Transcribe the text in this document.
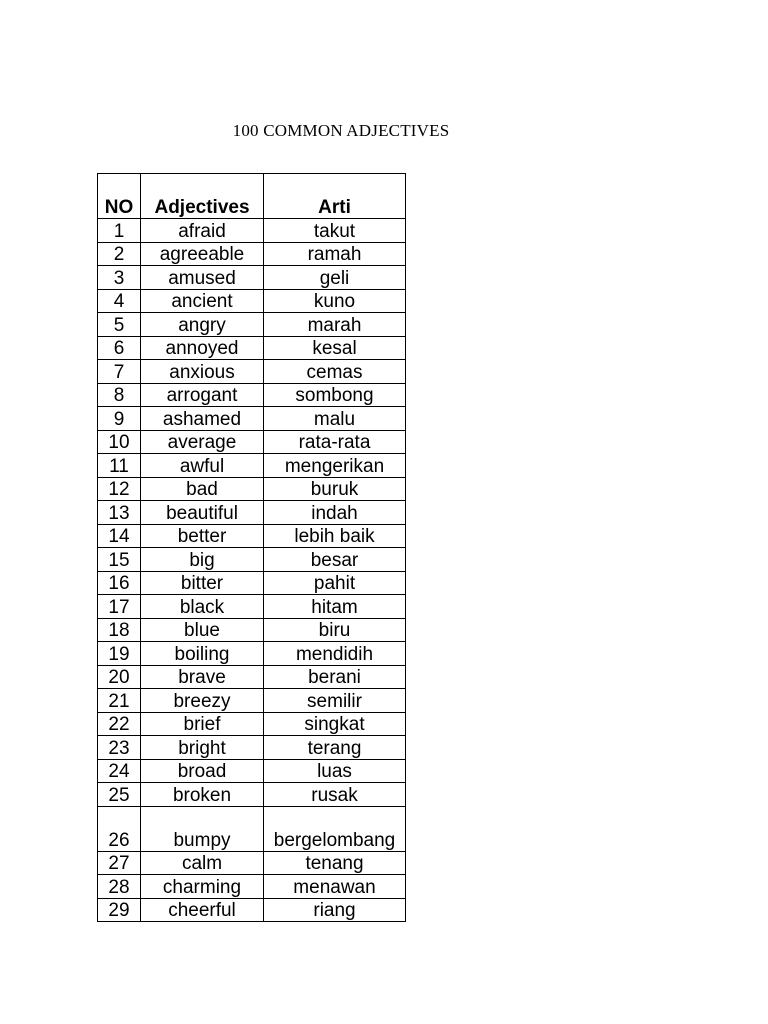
100 COMMON ADJECTIVES
NO	Adjectives	Arti
1	afraid	takut
2	agreeable	ramah
3	amused	geli
4	ancient	kuno
5	angry	marah
6	annoyed	kesal
7	anxious	cemas
8	arrogant	sombong
9	ashamed	malu
10	average	rata-rata
11	awful	mengerikan
12	bad	buruk
13	beautiful	indah
14	better	lebih baik
15	big	besar
16	bitter	pahit
17	black	hitam
18	blue	biru
19	boiling	mendidih
20	brave	berani
21	breezy	semilir
22	brief	singkat
23	bright	terang
24	broad	luas
25	broken	rusak
26	bumpy	bergelombang
27	calm	tenang
28	charming	menawan
29	cheerful	riang
